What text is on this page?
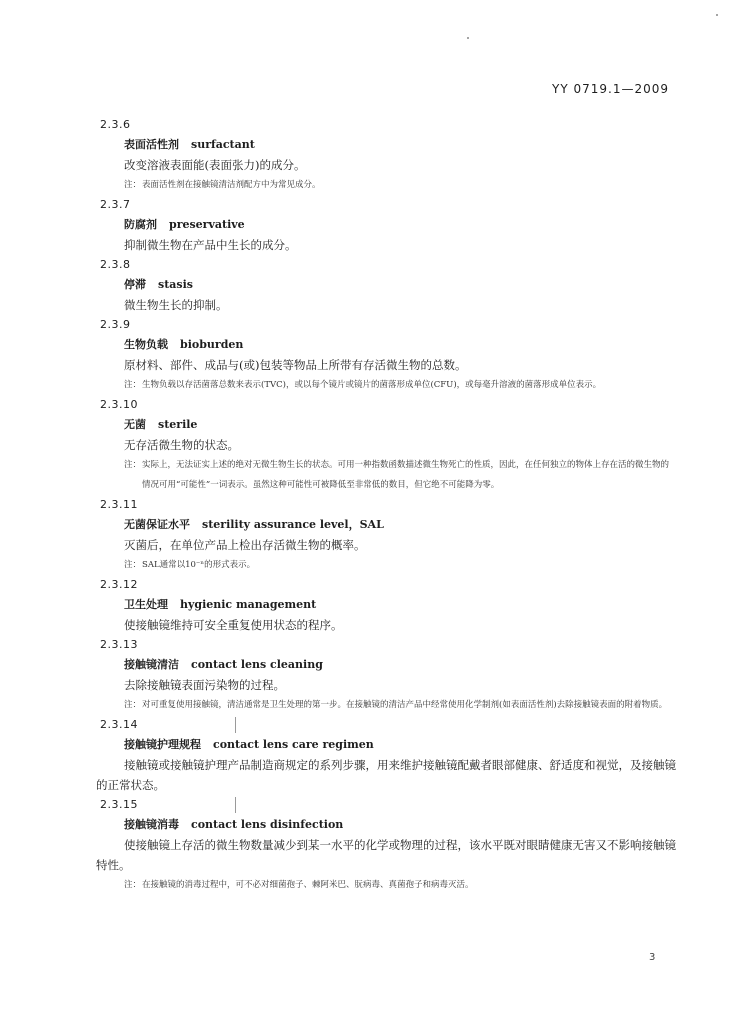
YY 0719.1—2009
2.3.6
表面活性剂 surfactant
改变溶液表面能(表面张力)的成分。
注： 表面活性剂在接触镜清洁剂配方中为常见成分。
2.3.7
防腐剂 preservative
抑制微生物在产品中生长的成分。
2.3.8
停滞 stasis
微生物生长的抑制。
2.3.9
生物负载 bioburden
原材料、部件、成品与(或)包装等物品上所带有存活微生物的总数。
注： 生物负载以存活菌落总数来表示(TVC)，或以每个镜片或镜片的菌落形成单位(CFU)，或每毫升溶液的菌落形成单位表示。
2.3.10
无菌 sterile
无存活微生物的状态。
注： 实际上，无法证实上述的绝对无微生物生长的状态。可用一种指数函数描述微生物死亡的性质，因此，在任何独立的物体上存在活的微生物的情况可用“可能性”一词表示。虽然这种可能性可被降低至非常低的数目，但它绝不可能降为零。
2.3.11
无菌保证水平 sterility assurance level，SAL
灭菌后，在单位产品上检出存活微生物的概率。
注： SAL通常以10⁻ⁿ的形式表示。
2.3.12
卫生处理 hygienic management
使接触镜维持可安全重复使用状态的程序。
2.3.13
接触镜清洁 contact lens cleaning
去除接触镜表面污染物的过程。
注： 对可重复使用接触镜，清洁通常是卫生处理的第一步。在接触镜的清洁产品中经常使用化学制剂(如表面活性剂)去除接触镜表面的附着物质。
2.3.14
接触镜护理规程 contact lens care regimen
接触镜或接触镜护理产品制造商规定的系列步骤，用来维护接触镜配戴者眼部健康、舒适度和视觉，及接触镜的正常状态。
2.3.15
接触镜消毒 contact lens disinfection
使接触镜上存活的微生物数量减少到某一水平的化学或物理的过程，该水平既对眼睛健康无害又不影响接触镜特性。
注： 在接触镜的消毒过程中，可不必对细菌孢子、棘阿米巴、朊病毒、真菌孢子和病毒灭活。
3
